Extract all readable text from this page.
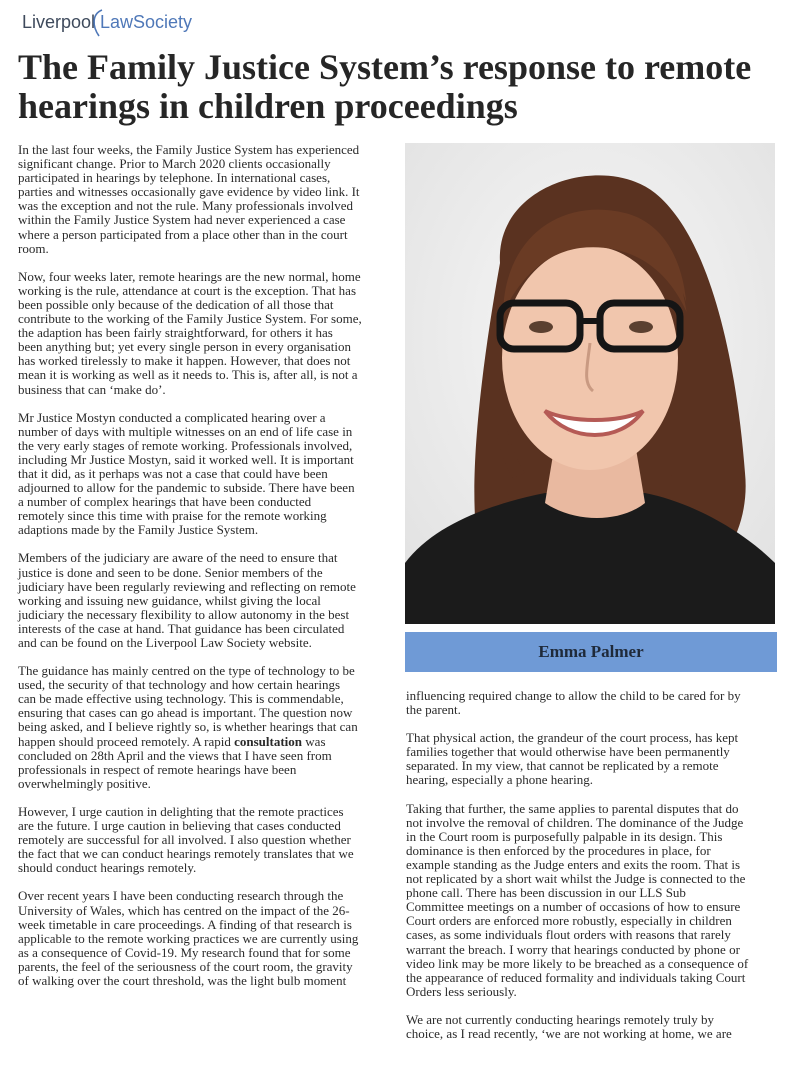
Liverpool LawSociety
The Family Justice System’s response to remote hearings in children proceedings

In the last four weeks, the Family Justice System has experienced
significant change. Prior to March 2020 clients occasionally
participated in hearings by telephone. In international cases,
parties and witnesses occasionally gave evidence by video link. It
was the exception and not the rule. Many professionals involved
within the Family Justice System had never experienced a case
where a person participated from a place other than in the court
room.

Now, four weeks later, remote hearings are the new normal, home
working is the rule, attendance at court is the exception. That has
been possible only because of the dedication of all those that
contribute to the working of the Family Justice System. For some,
the adaption has been fairly straightforward, for others it has
been anything but; yet every single person in every organisation
has worked tirelessly to make it happen. However, that does not
mean it is working as well as it needs to. This is, after all, is not a
business that can ‘make do’.

Mr Justice Mostyn conducted a complicated hearing over a
number of days with multiple witnesses on an end of life case in
the very early stages of remote working. Professionals involved,
including Mr Justice Mostyn, said it worked well. It is important
that it did, as it perhaps was not a case that could have been
adjourned to allow for the pandemic to subside. There have been
a number of complex hearings that have been conducted
remotely since this time with praise for the remote working
adaptions made by the Family Justice System.

Members of the judiciary are aware of the need to ensure that
justice is done and seen to be done. Senior members of the
judiciary have been regularly reviewing and reflecting on remote
working and issuing new guidance, whilst giving the local
judiciary the necessary flexibility to allow autonomy in the best
interests of the case at hand. That guidance has been circulated
and can be found on the Liverpool Law Society website.

The guidance has mainly centred on the type of technology to be
used, the security of that technology and how certain hearings
can be made effective using technology. This is commendable,
ensuring that cases can go ahead is important. The question now
being asked, and I believe rightly so, is whether hearings that can
happen should proceed remotely. A rapid consultation was
concluded on 28th April and the views that I have seen from
professionals in respect of remote hearings have been
overwhelmingly positive.

However, I urge caution in delighting that the remote practices
are the future. I urge caution in believing that cases conducted
remotely are successful for all involved. I also question whether
the fact that we can conduct hearings remotely translates that we
should conduct hearings remotely.

Over recent years I have been conducting research through the
University of Wales, which has centred on the impact of the 26-
week timetable in care proceedings. A finding of that research is
applicable to the remote working practices we are currently using
as a consequence of Covid-19. My research found that for some
parents, the feel of the seriousness of the court room, the gravity
of walking over the court threshold, was the light bulb moment

Emma Palmer

influencing required change to allow the child to be cared for by
the parent.

That physical action, the grandeur of the court process, has kept
families together that would otherwise have been permanently
separated. In my view, that cannot be replicated by a remote
hearing, especially a phone hearing.

Taking that further, the same applies to parental disputes that do
not involve the removal of children. The dominance of the Judge
in the Court room is purposefully palpable in its design. This
dominance is then enforced by the procedures in place, for
example standing as the Judge enters and exits the room. That is
not replicated by a short wait whilst the Judge is connected to the
phone call. There has been discussion in our LLS Sub
Committee meetings on a number of occasions of how to ensure
Court orders are enforced more robustly, especially in children
cases, as some individuals flout orders with reasons that rarely
warrant the breach. I worry that hearings conducted by phone or
video link may be more likely to be breached as a consequence of
the appearance of reduced formality and individuals taking Court
Orders less seriously.

We are not currently conducting hearings remotely truly by
choice, as I read recently, ‘we are not working at home, we are
